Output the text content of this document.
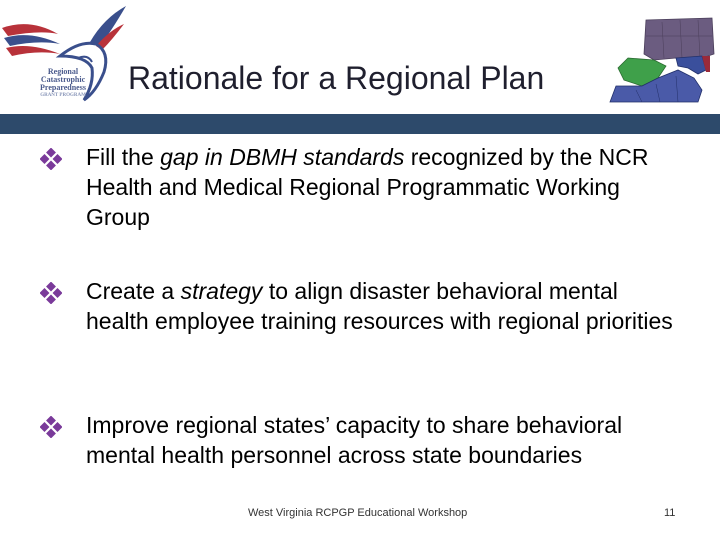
Regional
Catastrophic
Preparedness
GRANT PROGRAM	Rationale for a Regional Plan
Fill the gap in DBMH standards recognized by the NCR Health and Medical Regional Programmatic Working Group
Create a strategy to align disaster behavioral mental health employee training resources with regional priorities
Improve regional states’ capacity to share behavioral mental health personnel across state boundaries
West Virginia RCPGP Educational Workshop	11
